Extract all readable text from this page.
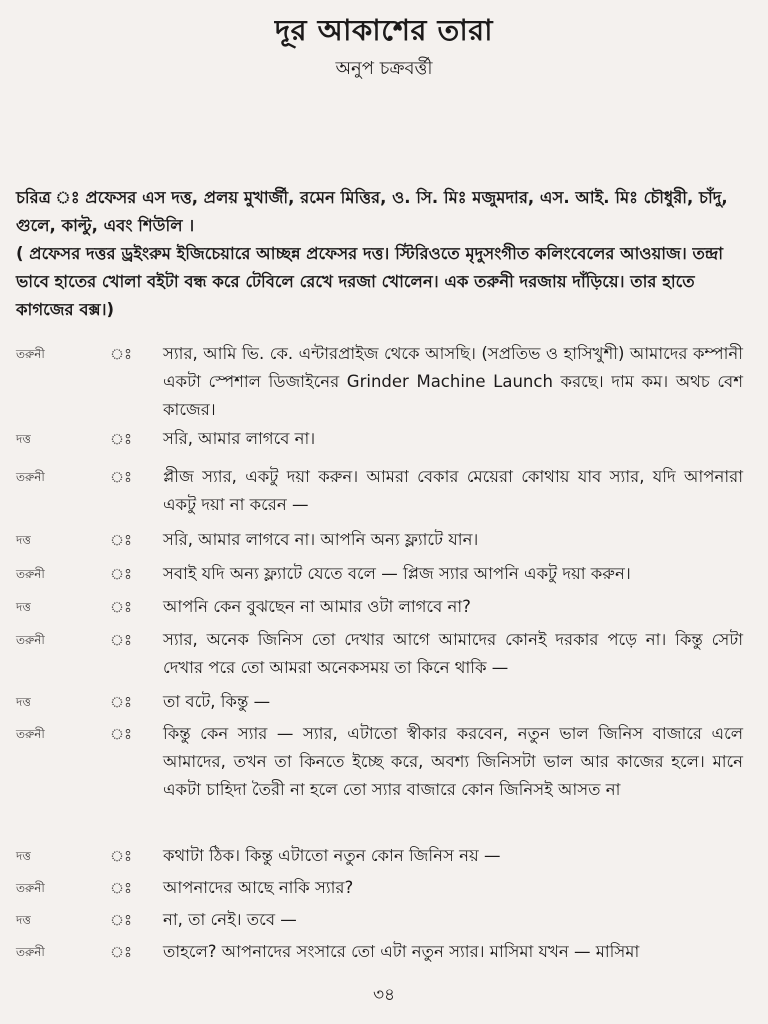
দূর আকাশের তারা
অনুপ চক্রবর্ত্তী
চরিত্র ঃ প্রফেসর এস দত্ত, প্রলয় মুখার্জী, রমেন মিত্তির, ও. সি. মিঃ মজুমদার, এস. আই. মিঃ চৌধুরী, চাঁদু, গুলে, কাল্টু, এবং শিউলি ।
( প্রফেসর দত্তর ড্রইংরুম ইজিচেয়ারে আচ্ছন্ন প্রফেসর দত্ত। স্টিরিওতে মৃদুসংগীত কলিংবেলের আওয়াজ। তন্দ্রা ভাবে হাতের খোলা বইটা বন্ধ করে টেবিলে রেখে দরজা খোলেন। এক তরুনী দরজায় দাঁড়িয়ে। তার হাতে কাগজের বক্স।)
তরুনী	ঃ স্যার, আমি ভি. কে. এন্টারপ্রাইজ থেকে আসছি। (সপ্রতিভ ও হাসিখুশী) আমাদের কম্পানী একটা স্পেশাল ডিজাইনের Grinder Machine Launch করছে। দাম কম। অথচ বেশ কাজের।
দত্ত	ঃ সরি, আমার লাগবে না।
তরুনী	ঃ প্লীজ স্যার, একটু দয়া করুন। আমরা বেকার মেয়েরা কোথায় যাব স্যার, যদি আপনারা একটু দয়া না করেন —
দত্ত	ঃ সরি, আমার লাগবে না। আপনি অন্য ফ্ল্যাটে যান।
তরুনী	ঃ সবাই যদি অন্য ফ্ল্যাটে যেতে বলে — প্লিজ স্যার আপনি একটু দয়া করুন।
দত্ত	ঃ আপনি কেন বুঝছেন না আমার ওটা লাগবে না?
তরুনী	ঃ স্যার, অনেক জিনিস তো দেখার আগে আমাদের কোনই দরকার পড়ে না। কিন্তু সেটা দেখার পরে তো আমরা অনেকসময় তা কিনে থাকি —
দত্ত	ঃ তা বটে, কিন্তু —
তরুনী	ঃ কিন্তু কেন স্যার — স্যার, এটাতো স্বীকার করবেন, নতুন ভাল জিনিস বাজারে এলে আমাদের, তখন তা কিনতে ইচ্ছে করে, অবশ্য জিনিসটা ভাল আর কাজের হলে। মানে একটা চাহিদা তৈরী না হলে তো স্যার বাজারে কোন জিনিসই আসত না
দত্ত	ঃ কথাটা ঠিক। কিন্তু এটাতো নতুন কোন জিনিস নয় —
তরুনী	ঃ আপনাদের আছে নাকি স্যার?
দত্ত	ঃ না, তা নেই। তবে —
তরুনী	ঃ তাহলে? আপনাদের সংসারে তো এটা নতুন স্যার। মাসিমা যখন — মাসিমা
৩৪
